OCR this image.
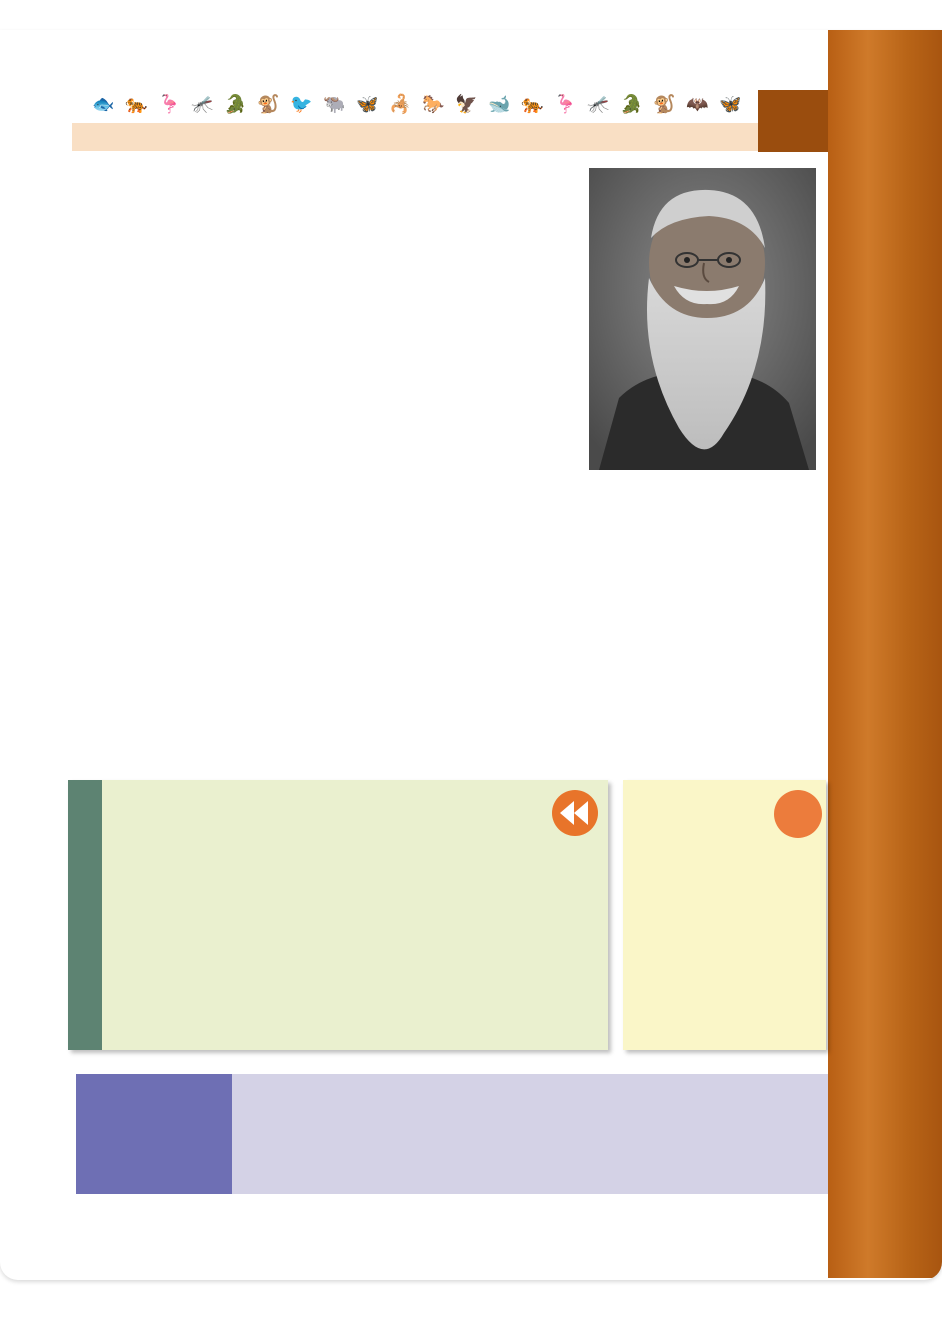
🐟 🐅 🦩 🦟 🐊 🐒 🐦 🐃 🦋 🦂 🐎 🦅 🐋 🐅 🦩 🦟 🐊 🐒 🦇 🦋
